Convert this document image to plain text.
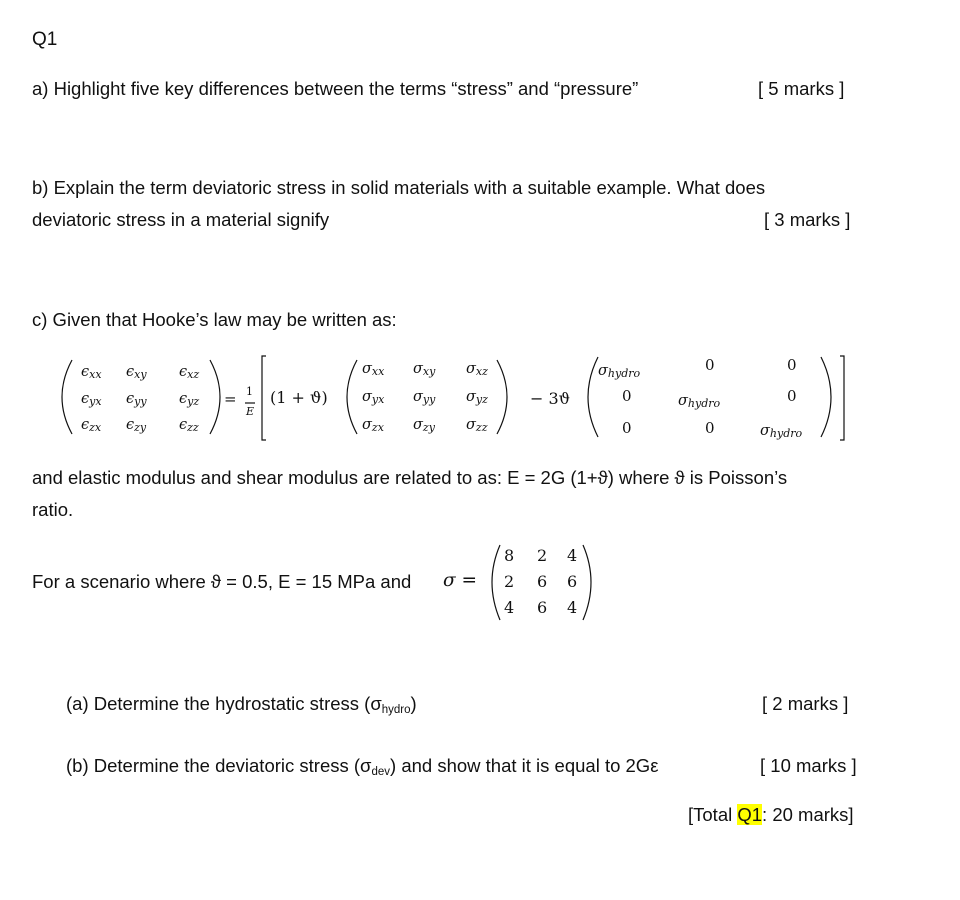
Q1
a) Highlight five key differences between the terms “stress” and “pressure”	[ 5 marks ]
b) Explain the term deviatoric stress in solid materials with a suitable example. What does
deviatoric stress in a material signify	[ 3 marks ]
c) Given that Hooke’s law may be written as:
$\epsilon_{xx}$ $\epsilon_{xy}$ $\epsilon_{xz}$
$\epsilon_{yx}$ $\epsilon_{yy}$ $\epsilon_{yz}$
$\epsilon_{zx}$ $\epsilon_{zy}$ $\epsilon_{zz}$
= 1
E
(1 + ϑ)
$\sigma_{xx}$ $\sigma_{xy}$ $\sigma_{xz}$
$\sigma_{yx}$ $\sigma_{yy}$ $\sigma_{yz}$
$\sigma_{zx}$ $\sigma_{zy}$ $\sigma_{zz}$
− 3ϑ
$\sigma_{hydro}$	0	0
0	$\sigma_{hydro}$	0
0	0	$\sigma_{hydro}$
and elastic modulus and shear modulus are related to as: E = 2G (1+ϑ) where ϑ is Poisson’s
ratio.
For a scenario where ϑ = 0.5, E = 15 MPa and σ =
8 2 4
2 6 6
4 6 4
(a) Determine the hydrostatic stress $(\sigma_{hydro})$	[ 2 marks ]
(b) Determine the deviatoric stress $(\sigma_{dev})$ and show that it is equal to 2Gε	[ 10 marks ]
[Total Q1: 20 marks]
